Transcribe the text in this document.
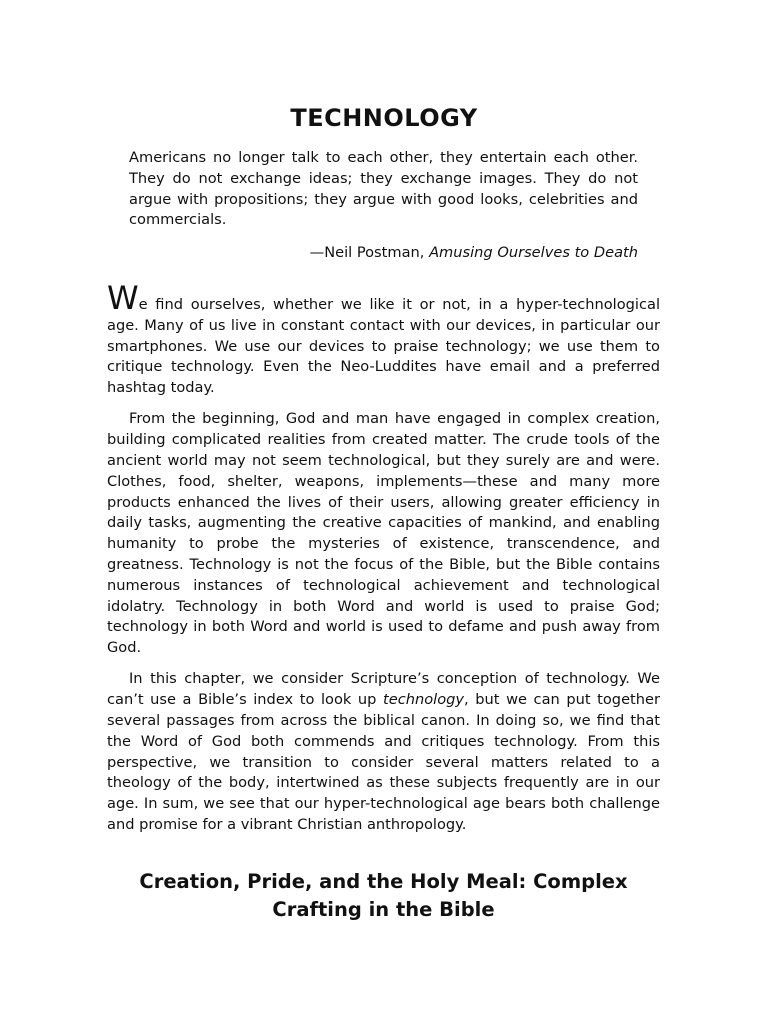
TECHNOLOGY

Americans no longer talk to each other, they entertain each other. They do not exchange ideas; they exchange images. They do not argue with propositions; they argue with good looks, celebrities and commercials.

—Neil Postman, Amusing Ourselves to Death

We find ourselves, whether we like it or not, in a hyper-technological age. Many of us live in constant contact with our devices, in particular our smartphones. We use our devices to praise technology; we use them to critique technology. Even the Neo-Luddites have email and a preferred hashtag today.

From the beginning, God and man have engaged in complex creation, building complicated realities from created matter. The crude tools of the ancient world may not seem technological, but they surely are and were. Clothes, food, shelter, weapons, implements—these and many more products enhanced the lives of their users, allowing greater efficiency in daily tasks, augmenting the creative capacities of mankind, and enabling humanity to probe the mysteries of existence, transcendence, and greatness. Technology is not the focus of the Bible, but the Bible contains numerous instances of technological achievement and technological idolatry. Technology in both Word and world is used to praise God; technology in both Word and world is used to defame and push away from God.

In this chapter, we consider Scripture’s conception of technology. We can’t use a Bible’s index to look up technology, but we can put together several passages from across the biblical canon. In doing so, we find that the Word of God both commends and critiques technology. From this perspective, we transition to consider several matters related to a theology of the body, intertwined as these subjects frequently are in our age. In sum, we see that our hyper-technological age bears both challenge and promise for a vibrant Christian anthropology.

Creation, Pride, and the Holy Meal: Complex Crafting in the Bible
